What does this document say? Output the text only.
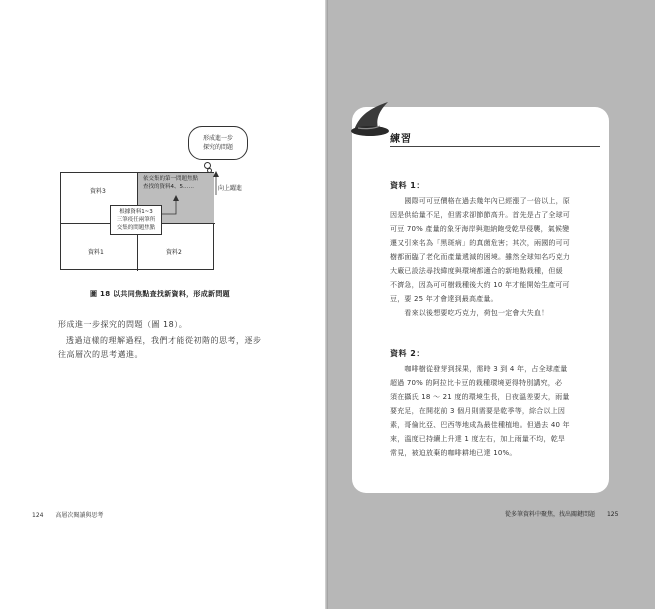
資料3
資料1	資料2
依交集的第一問題焦點
查找的資料4、5……	向上躍進
形成進一步
探究的問題
根據資料1~3
三筆疫任兩筆所
交集的問題焦點
圖 18 以共同焦點查找新資料，形成新問題
形成進一步探究的問題（圖 18）。
透過這樣的理解過程，我們才能從初階的思考，逐步
往高層次的思考邁進。
124 高層次閱讀與思考
練習
資料 1：
　　國際可可豆價格在過去幾年內已經漲了一倍以上，原
因是供給量不足，但需求卻節節高升。首先是占了全球可
可豆 70% 產量的象牙海岸與迦納飽受乾旱侵襲，氣候變
遷又引來名為「黑斑病」的真菌危害；其次，兩國的可可
樹都面臨了老化而產量遞減的困境。雖然全球知名巧克力
大廠已設法尋找緯度與環境都適合的新地點栽種，但緩
不濟急，因為可可樹栽種後大約 10 年才能開始生產可可
豆，要 25 年才會達到最高產量。
　　看來以後想要吃巧克力，荷包一定會大失血！
資料 2：
　　咖啡樹從發芽到採果，需時 3 到 4 年，占全球產量
超過 70% 的阿拉比卡豆的栽種環境更得特別講究，必
須在攝氏 18 ～ 21 度的環境生長，日夜溫差要大，雨量
要充足，在開花前 3 個月則需要是乾季等，綜合以上因
素，哥倫比亞、巴西等地成為最佳種植地。但過去 40 年
來，溫度已持續上升達 1 度左右，加上雨量不均，乾旱
常見，被迫放棄的咖啡耕地已達 10%。
從多筆資料中聚焦，找出關鍵問題 125
